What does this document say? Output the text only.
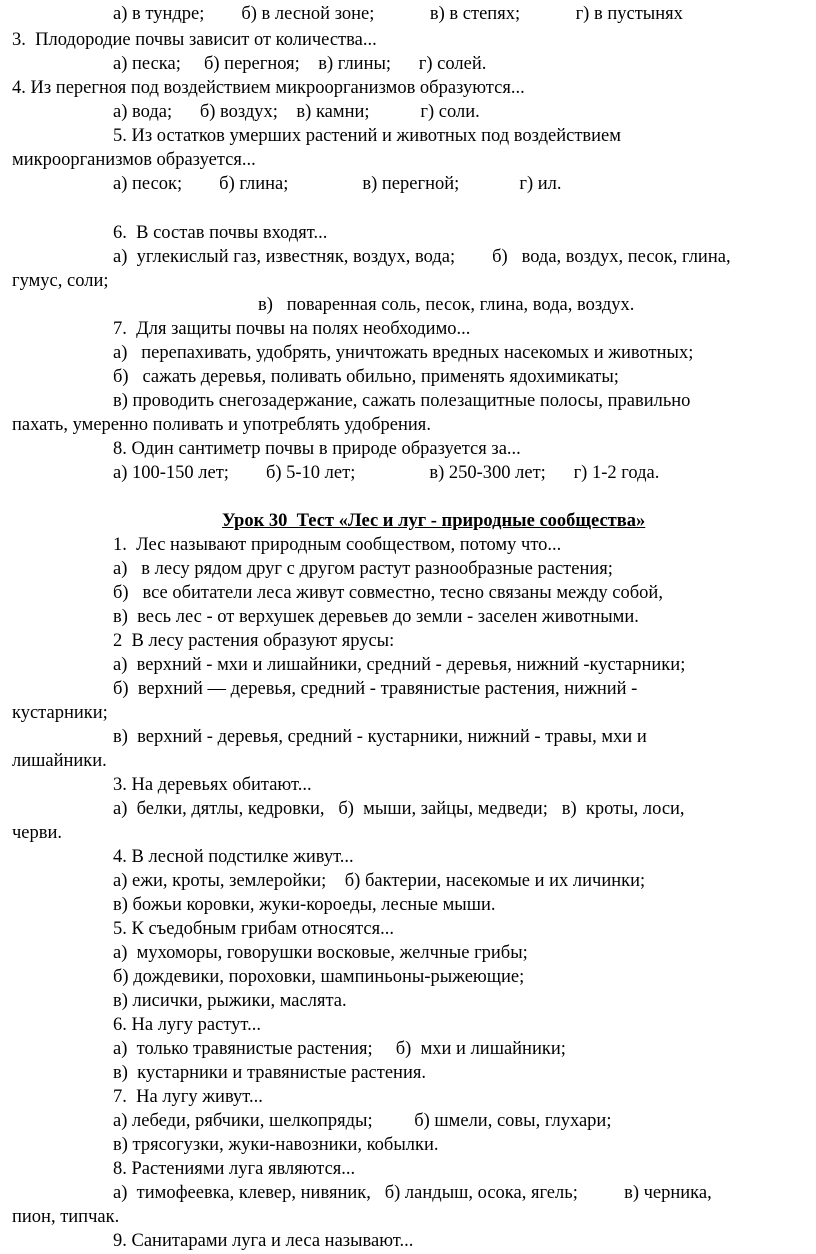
а) в тундре;        б) в лесной зоне;            в) в степях;            г) в пустынях
3.  Плодородие почвы зависит от количества...
а) песка;     б) перегноя;    в) глины;      г) солей.
4. Из перегноя под воздействием микроорганизмов образуются...
а) вода;      б) воздух;    в) камни;           г) соли.
5. Из остатков умерших растений и животных под воздействием
микроорганизмов образуется...
а) песок;        б) глина;                в) перегной;             г) ил.
6.  В состав почвы входят...
а)  углекислый газ, известняк, воздух, вода;        б)   вода, воздух, песок, глина,
гумус, соли;
в)   поваренная соль, песок, глина, вода, воздух.
7.  Для защиты почвы на полях необходимо...
а)   перепахивать, удобрять, уничтожать вредных насекомых и животных;
б)   сажать деревья, поливать обильно, применять ядохимикаты;
в) проводить снегозадержание, сажать полезащитные полосы, правильно
пахать, умеренно поливать и употреблять удобрения.
8. Один сантиметр почвы в природе образуется за...
а) 100-150 лет;        б) 5-10 лет;                в) 250-300 лет;      г) 1-2 года.
Урок 30  Тест «Лес и луг - природные сообщества»
1.  Лес называют природным сообществом, потому что...
а)   в лесу рядом друг с другом растут разнообразные растения;
б)   все обитатели леса живут совместно, тесно связаны между собой,
в)  весь лес - от верхушек деревьев до земли - заселен животными.
2  В лесу растения образуют ярусы:
а)  верхний - мхи и лишайники, средний - деревья, нижний -кустарники;
б)  верхний — деревья, средний - травянистые растения, нижний -
кустарники;
в)  верхний - деревья, средний - кустарники, нижний - травы, мхи и
лишайники.
3. На деревьях обитают...
а)  белки, дятлы, кедровки,   б)  мыши, зайцы, медведи;   в)  кроты, лоси,
черви.
4. В лесной подстилке живут...
а) ежи, кроты, землеройки;    б) бактерии, насекомые и их личинки;
в) божьи коровки, жуки-короеды, лесные мыши.
5. К съедобным грибам относятся...
а)  мухоморы, говорушки восковые, желчные грибы;
б) дождевики, пороховки, шампиньоны-рыжеющие;
в) лисички, рыжики, маслята.
6. На лугу растут...
а)  только травянистые растения;     б)  мхи и лишайники;
в)  кустарники и травянистые растения.
7.  На лугу живут...
а) лебеди, рябчики, шелкопряды;         б) шмели, совы, глухари;
в) трясогузки, жуки-навозники, кобылки.
8. Растениями луга являются...
а)  тимофеевка, клевер, нивяник,   б) ландыш, осока, ягель;          в) черника,
пион, типчак.
9. Санитарами луга и леса называют...
